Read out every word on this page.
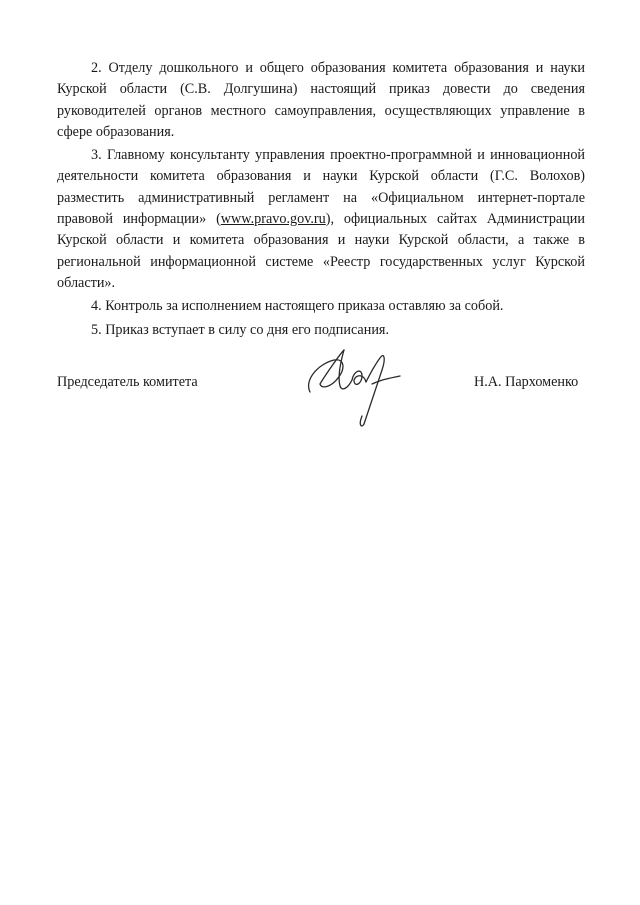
2. Отделу дошкольного и общего образования комитета образования и науки Курской области (С.В. Долгушина) настоящий приказ довести до сведения руководителей органов местного самоуправления, осуществляющих управление в сфере образования.

3. Главному консультанту управления проектно-программной и инновационной деятельности комитета образования и науки Курской области (Г.С. Волохов) разместить административный регламент на «Официальном интернет-портале правовой информации» (www.pravo.gov.ru), официальных сайтах Администрации Курской области и комитета образования и науки Курской области, а также в региональной информационной системе «Реестр государственных услуг Курской области».

4. Контроль за исполнением настоящего приказа оставляю за собой.

5. Приказ вступает в силу со дня его подписания.

Председатель комитета	Н.А. Пархоменко
